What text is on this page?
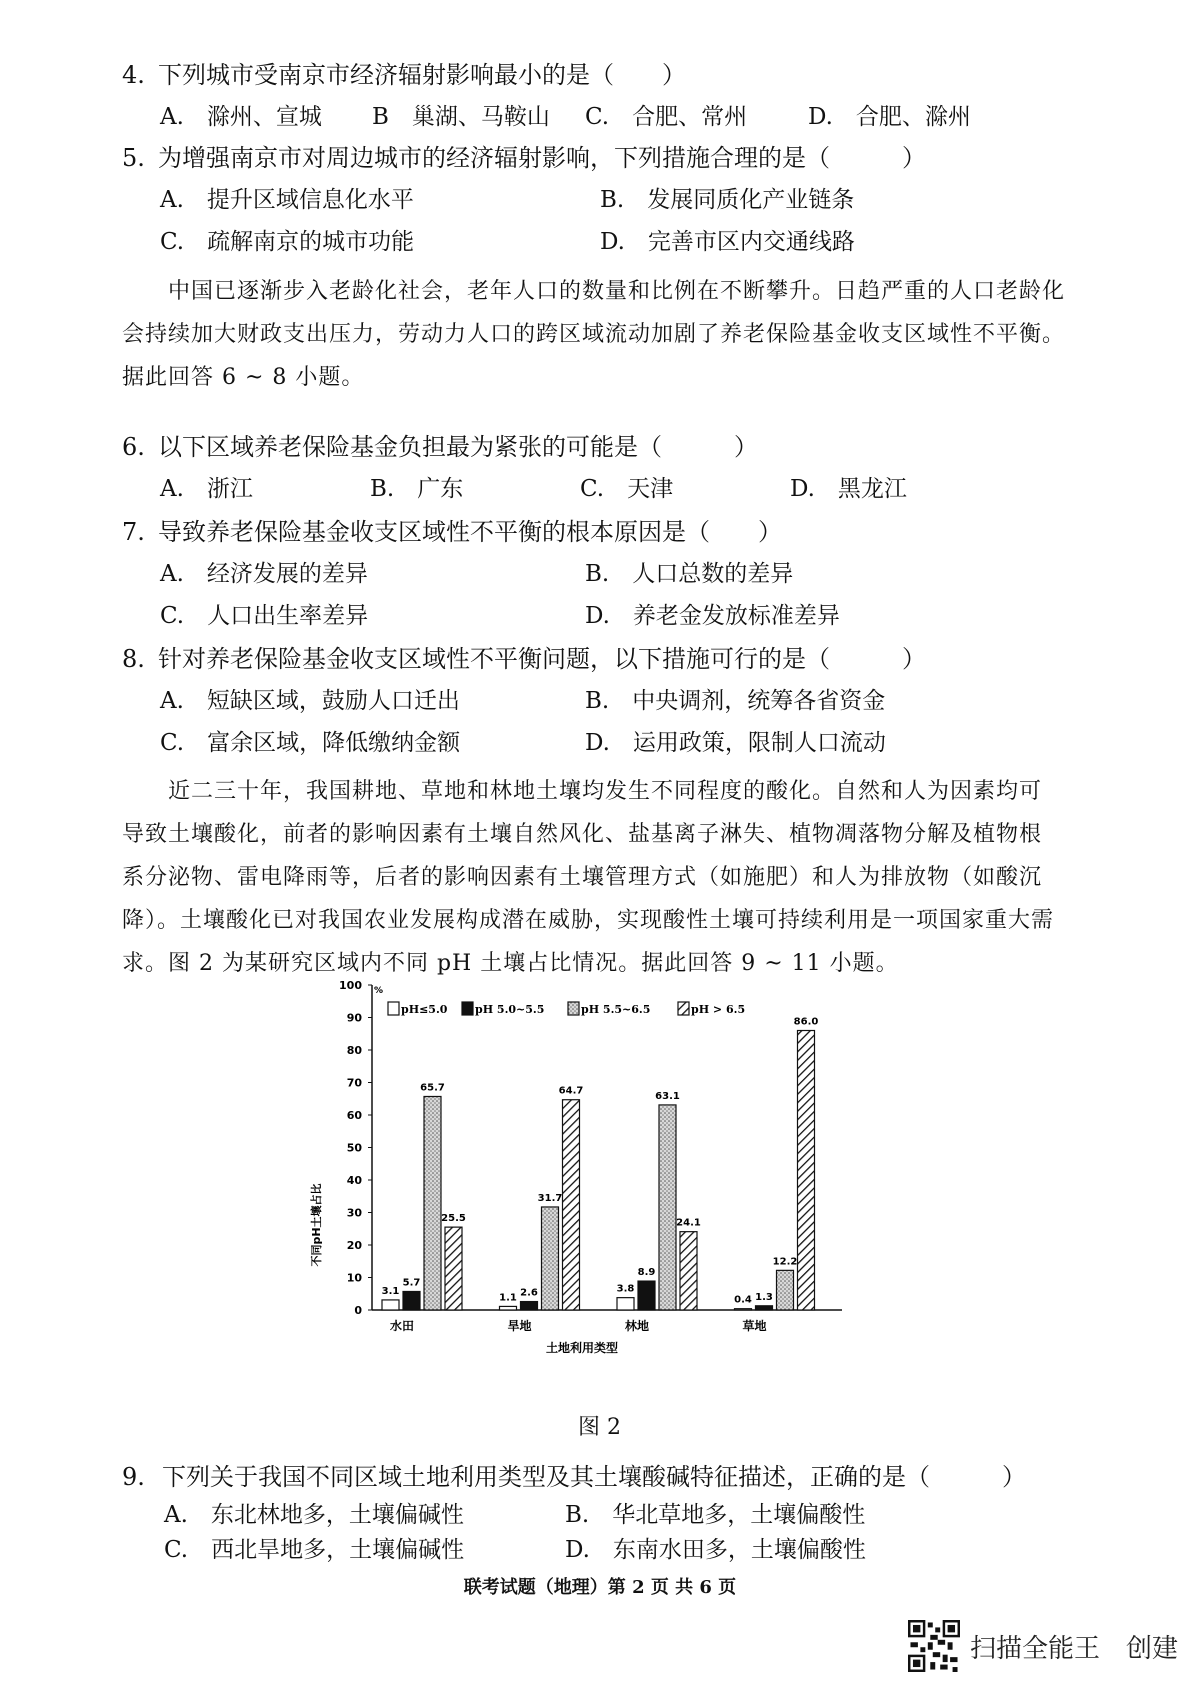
4. 下列城市受南京市经济辐射影响最小的是（　　）
A.　滁州、宣城 B　巢湖、马鞍山 C.　合肥、常州	D.　合肥、滁州
5. 为增强南京市对周边城市的经济辐射影响，下列措施合理的是（　　　）
A.　提升区域信息化水平	B.　发展同质化产业链条
C.　疏解南京的城市功能	D.　完善市区内交通线路
中国已逐渐步入老龄化社会，老年人口的数量和比例在不断攀升。日趋严重的人口老龄化
会持续加大财政支出压力，劳动力人口的跨区域流动加剧了养老保险基金收支区域性不平衡。
据此回答 6 ~ 8 小题。
6. 以下区域养老保险基金负担最为紧张的可能是（　　　）
A.　浙江	B.　广东	C.　天津	D.　黑龙江
7. 导致养老保险基金收支区域性不平衡的根本原因是（　　）
A.　经济发展的差异	B.　人口总数的差异
C.　人口出生率差异	D.　养老金发放标准差异
8. 针对养老保险基金收支区域性不平衡问题，以下措施可行的是（　　　）
A.　短缺区域，鼓励人口迁出	B.　中央调剂，统筹各省资金
C.　富余区域，降低缴纳金额	D.　运用政策，限制人口流动
近二三十年，我国耕地、草地和林地土壤均发生不同程度的酸化。自然和人为因素均可
导致土壤酸化，前者的影响因素有土壤自然风化、盐基离子淋失、植物凋落物分解及植物根
系分泌物、雷电降雨等，后者的影响因素有土壤管理方式（如施肥）和人为排放物（如酸沉
降）。土壤酸化已对我国农业发展构成潜在威胁，实现酸性土壤可持续利用是一项国家重大需
求。图 2 为某研究区域内不同 pH 土壤占比情况。据此回答 9 ~ 11 小题。
0
10
20
30
40
50
60
70
80
90
100 %
不同pH土壤占比
土地利用类型
3.1
5.7
65.7
25.5
水田
1.1 2.6
31.7
64.7
旱地
3.8
8.9
63.1
24.1
林地
0.4 1.3
12.2
86.0
草地
pH≤5.0	pH 5.0~5.5	pH 5.5~6.5	pH > 6.5
图 2
9. 下列关于我国不同区域土地利用类型及其土壤酸碱特征描述，正确的是（　　　）
A.　东北林地多，土壤偏碱性	B.　华北草地多，土壤偏酸性
C.　西北旱地多，土壤偏碱性	D.　东南水田多，土壤偏酸性
联考试题（地理）第 2 页 共 6 页
扫描全能王　创建
